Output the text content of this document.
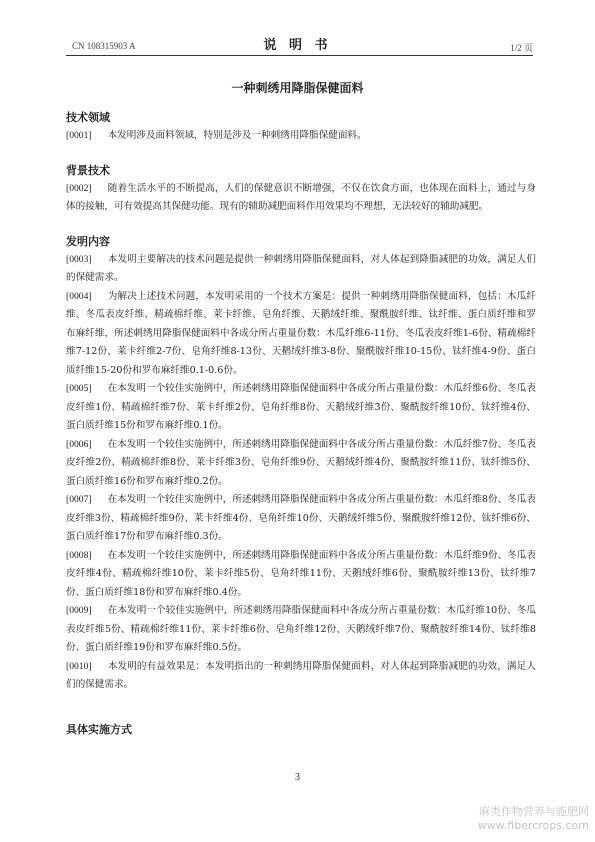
CN 108315903 A	说 明 书	1/2 页
一种刺绣用降脂保健面料

技术领域

[0001] 本发明涉及面料领域，特别是涉及一种刺绣用降脂保健面料。

背景技术

[0002] 随着生活水平的不断提高，人们的保健意识不断增强，不仅在饮食方面，也体现在面料上，通过与身体的接触，可有效提高其保健功能。现有的辅助减肥面料作用效果均不理想，无法较好的辅助减肥。

发明内容

[0003] 本发明主要解决的技术问题是提供一种刺绣用降脂保健面料，对人体起到降脂减肥的功效，满足人们的保健需求。

[0004] 为解决上述技术问题，本发明采用的一个技术方案是：提供一种刺绣用降脂保健面料，包括：木瓜纤维、冬瓜表皮纤维、精疏棉纤维、莱卡纤维、皂角纤维、天鹅绒纤维、聚酰胺纤维、钛纤维、蛋白质纤维和罗布麻纤维，所述刺绣用降脂保健面料中各成分所占重量份数：木瓜纤维6-11份、冬瓜表皮纤维1-6份、精疏棉纤维7-12份、莱卡纤维2-7份、皂角纤维8-13份、天鹅绒纤维3-8份、聚酰胺纤维10-15份、钛纤维4-9份、蛋白质纤维15-20份和罗布麻纤维0.1-0.6份。

[0005] 在本发明一个较佳实施例中，所述刺绣用降脂保健面料中各成分所占重量份数：木瓜纤维6份、冬瓜表皮纤维1份、精疏棉纤维7份、莱卡纤维2份、皂角纤维8份、天鹅绒纤维3份、聚酰胺纤维10份、钛纤维4份、蛋白质纤维15份和罗布麻纤维0.1份。

[0006] 在本发明一个较佳实施例中，所述刺绣用降脂保健面料中各成分所占重量份数：木瓜纤维7份、冬瓜表皮纤维2份、精疏棉纤维8份、莱卡纤维3份、皂角纤维9份、天鹅绒纤维4份、聚酰胺纤维11份、钛纤维5份、蛋白质纤维16份和罗布麻纤维0.2份。

[0007] 在本发明一个较佳实施例中，所述刺绣用降脂保健面料中各成分所占重量份数：木瓜纤维8份、冬瓜表皮纤维3份、精疏棉纤维9份、莱卡纤维4份、皂角纤维10份、天鹅绒纤维5份、聚酰胺纤维12份、钛纤维6份、蛋白质纤维17份和罗布麻纤维0.3份。

[0008] 在本发明一个较佳实施例中，所述刺绣用降脂保健面料中各成分所占重量份数：木瓜纤维9份、冬瓜表皮纤维4份、精疏棉纤维10份、莱卡纤维5份、皂角纤维11份、天鹅绒纤维6份、聚酰胺纤维13份、钛纤维7份、蛋白质纤维18份和罗布麻纤维0.4份。

[0009] 在本发明一个较佳实施例中，所述刺绣用降脂保健面料中各成分所占重量份数：木瓜纤维10份、冬瓜表皮纤维5份、精疏棉纤维11份、莱卡纤维6份、皂角纤维12份、天鹅绒纤维7份、聚酰胺纤维14份、钛纤维8份、蛋白质纤维19份和罗布麻纤维0.5份。

[0010] 本发明的有益效果是：本发明指出的一种刺绣用降脂保健面料，对人体起到降脂减肥的功效，满足人们的保健需求。

具体实施方式

3
麻类作物营养与施肥网
www.fibercrops.com
